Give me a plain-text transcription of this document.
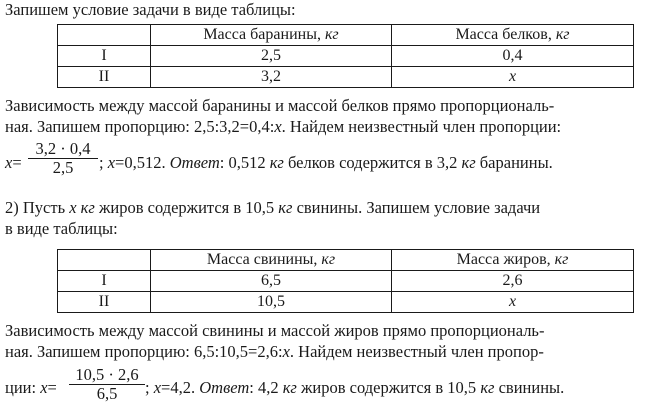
Запишем условие задачи в виде таблицы:
	Масса баранины, кг	Масса белков, кг
I	2,5	0,4
II	3,2	x
Зависимость между массой баранины и массой белков прямо пропорциональ-
ная. Запишем пропорцию: 2,5:3,2=0,4:x. Найдем неизвестный член пропорции:
x=
3,2 · 0,4
2,5	; x=0,512. Ответ: 0,512 кг белков содержится в 3,2 кг баранины.
2) Пусть x кг жиров содержится в 10,5 кг свинины. Запишем условие задачи
в виде таблицы:
	Масса свинины, кг	Масса жиров, кг
I	6,5	2,6
II	10,5	x
Зависимость между массой свинины и массой жиров прямо пропорциональ-
ная. Запишем пропорцию: 6,5:10,5=2,6:x. Найдем неизвестный член пропор-
ции: x=
10,5 · 2,6
6,5	; x=4,2. Ответ: 4,2 кг жиров содержится в 10,5 кг свинины.
